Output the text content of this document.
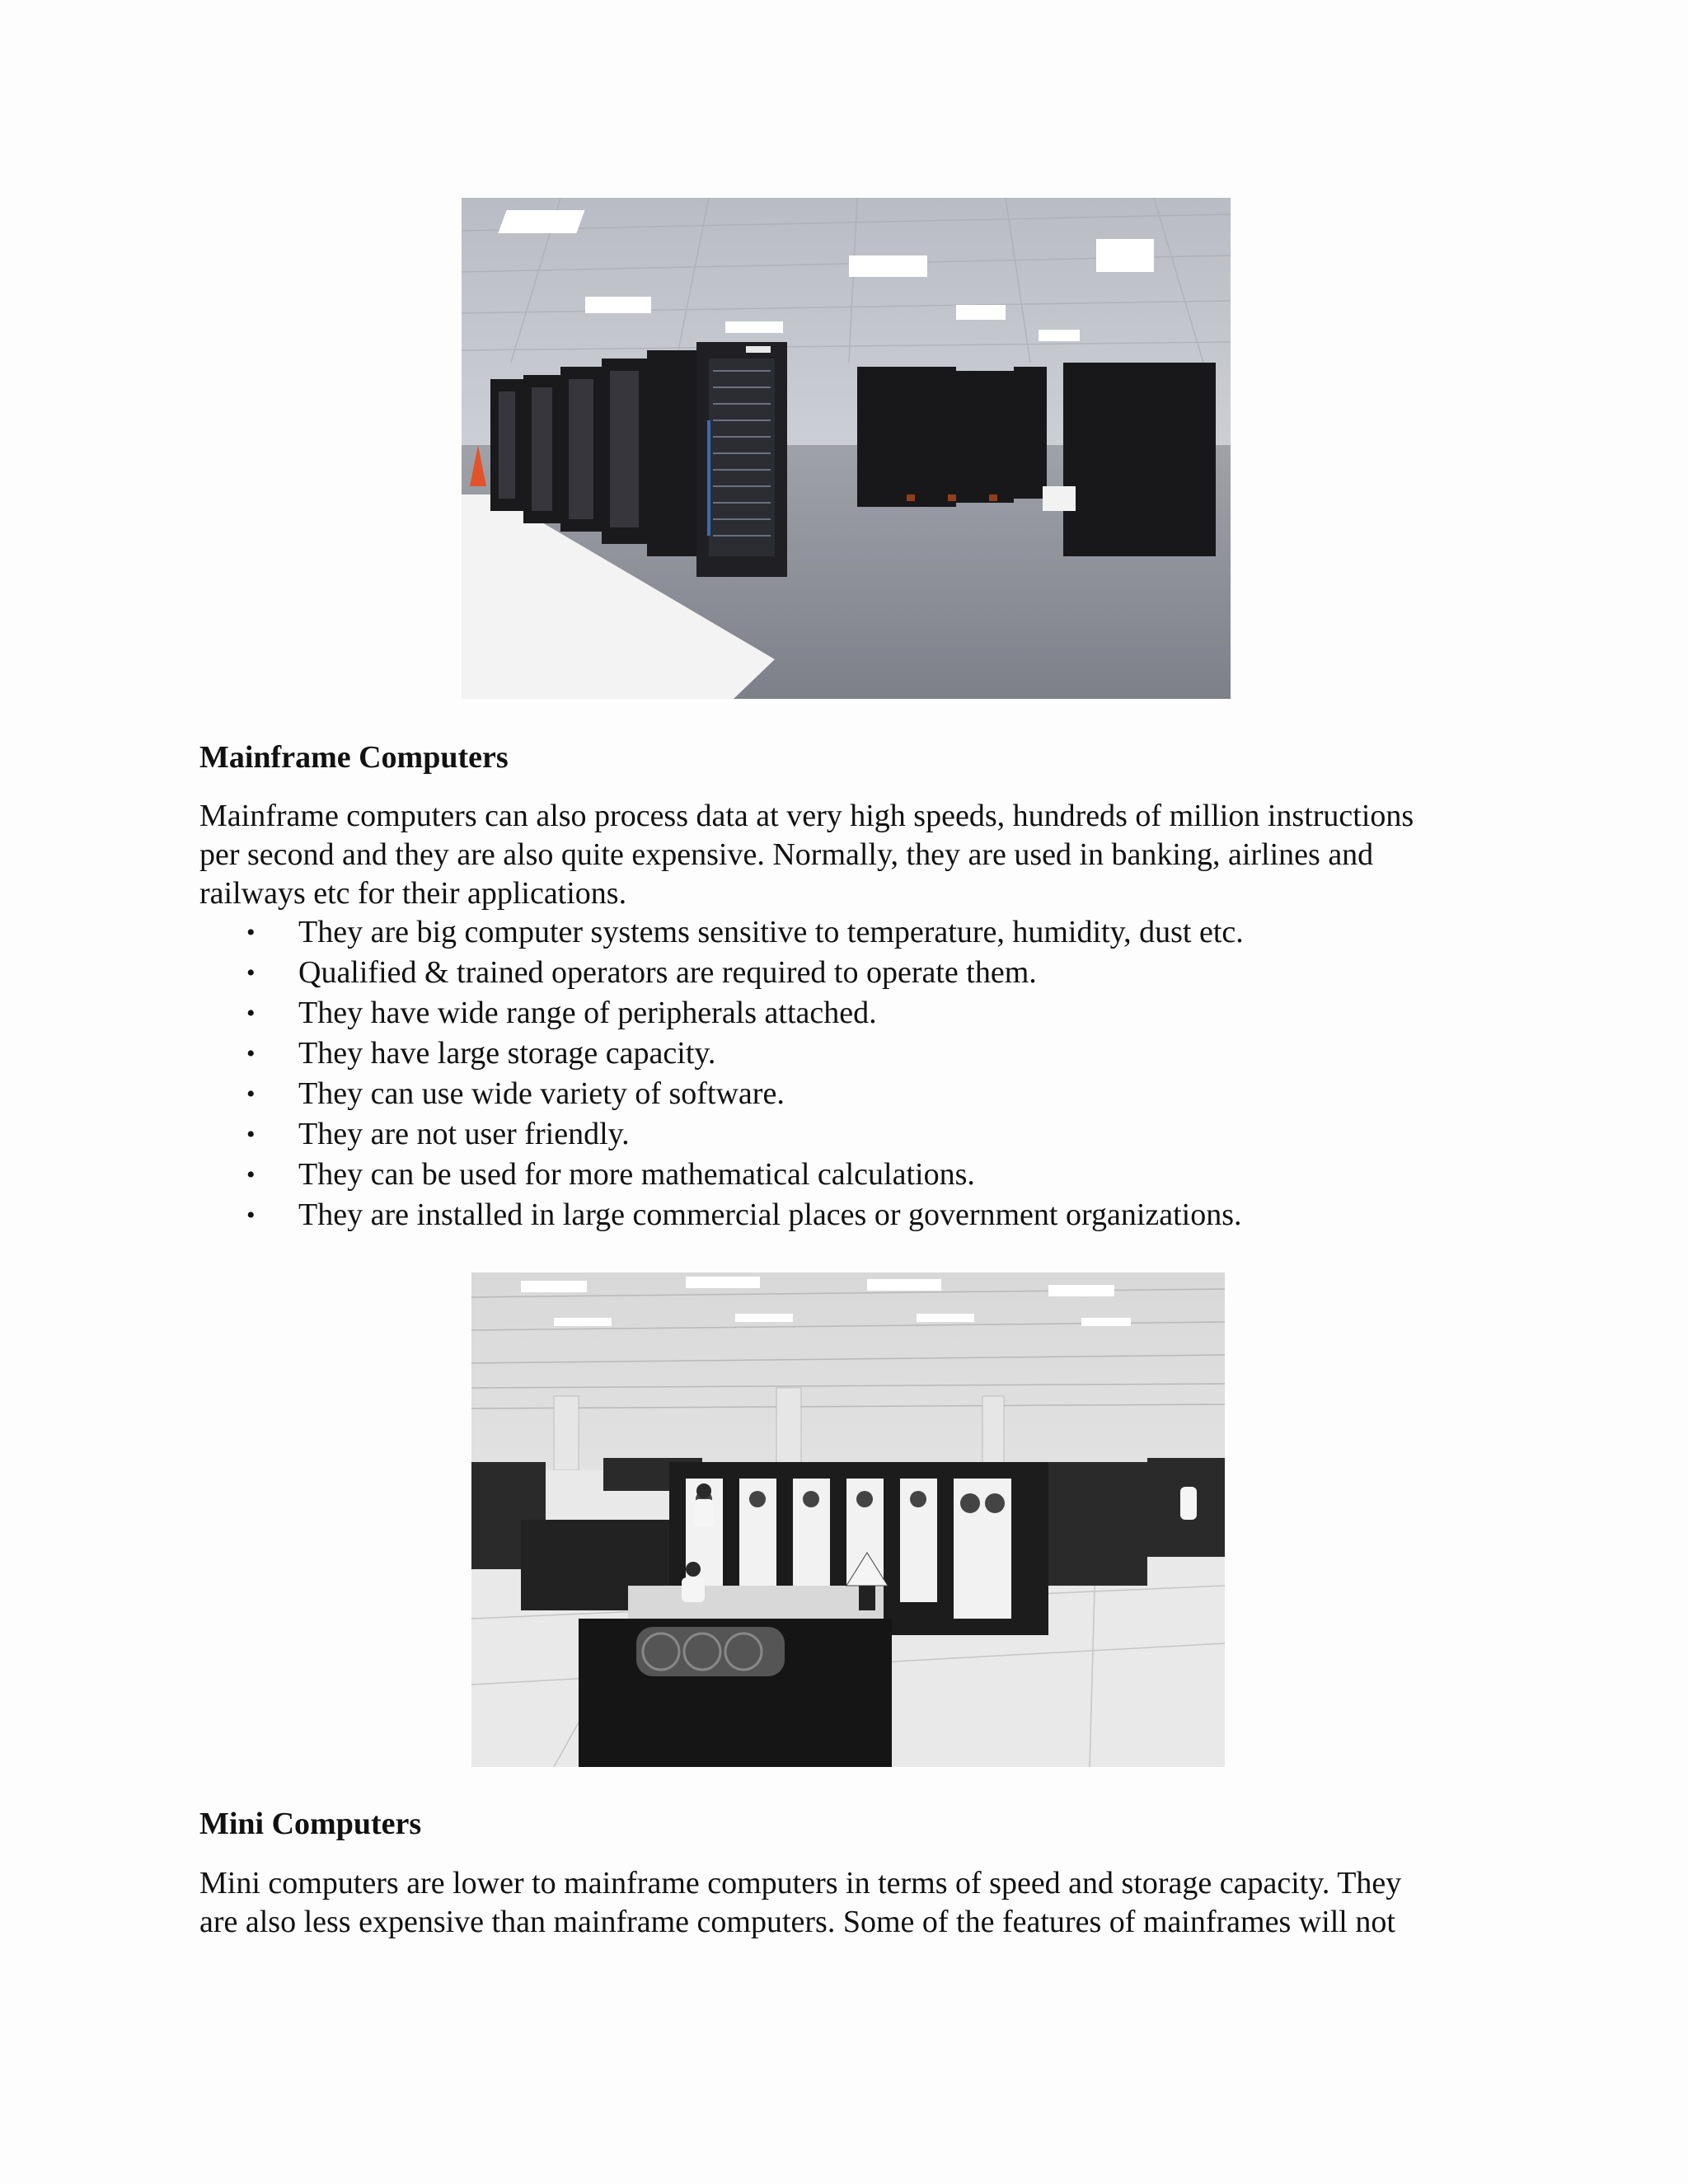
Mainframe Computers

Mainframe computers can also process data at very high speeds, hundreds of million instructions
per second and they are also quite expensive. Normally, they are used in banking, airlines and
railways etc for their applications.

• They are big computer systems sensitive to temperature, humidity, dust etc.
• Qualified & trained operators are required to operate them.
• They have wide range of peripherals attached.
• They have large storage capacity.
• They can use wide variety of software.
• They are not user friendly.
• They can be used for more mathematical calculations.
• They are installed in large commercial places or government organizations.
Mini Computers

Mini computers are lower to mainframe computers in terms of speed and storage capacity. They
are also less expensive than mainframe computers. Some of the features of mainframes will not
